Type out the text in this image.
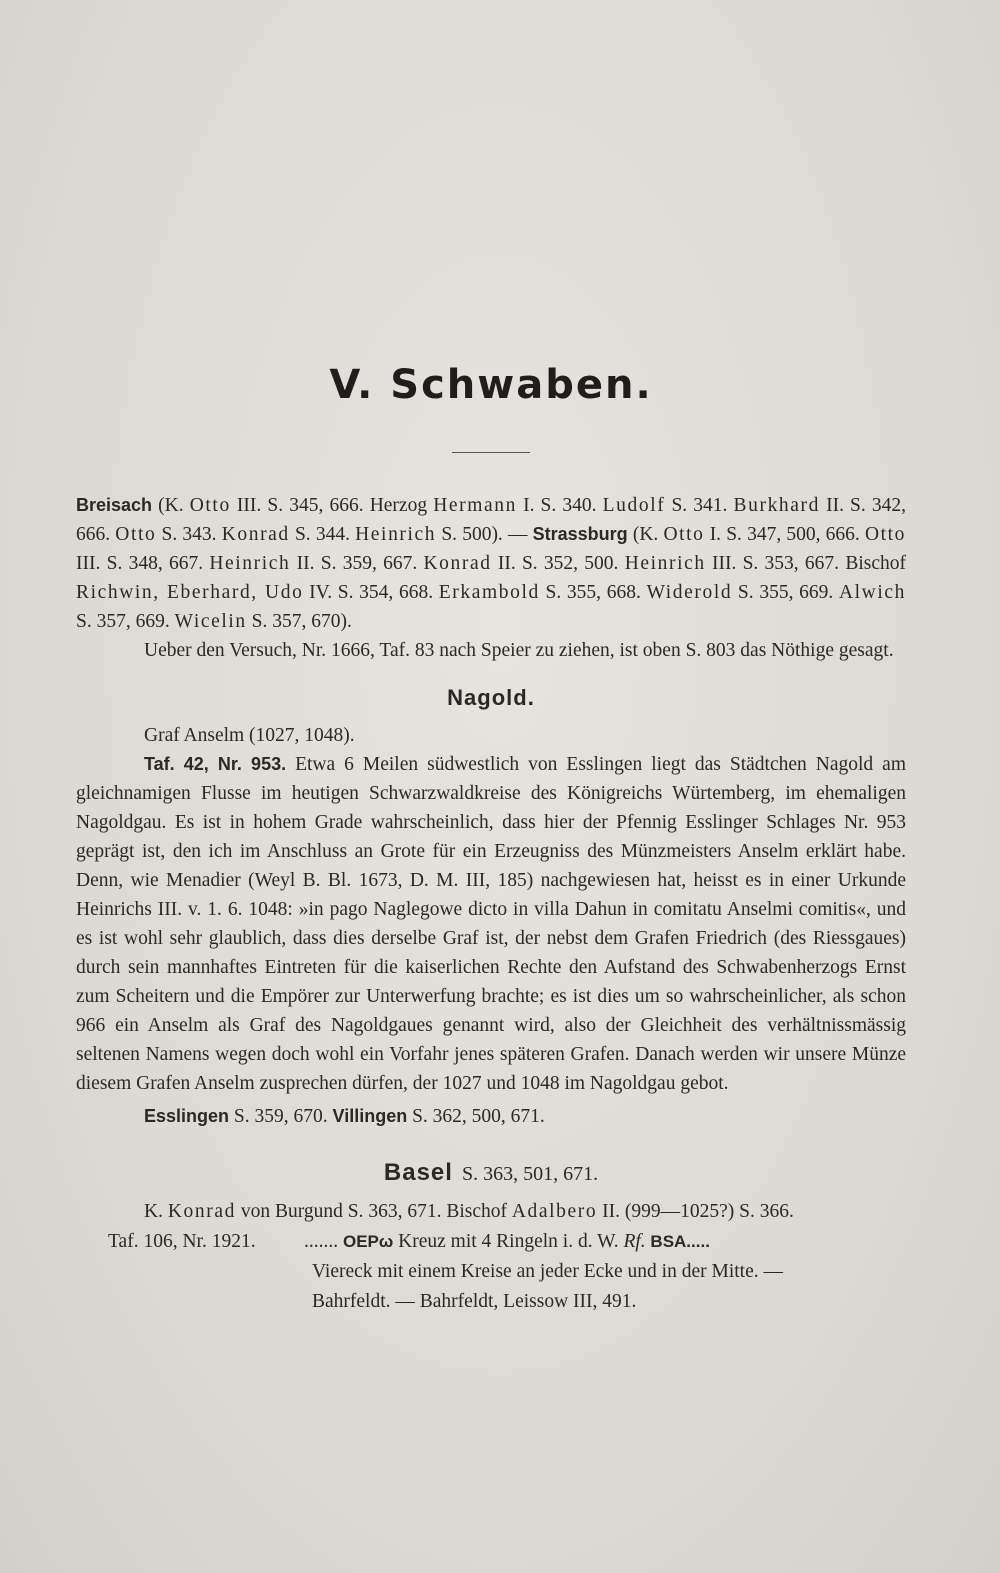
V. Schwaben.

Breisach (K. Otto III. S. 345, 666. Herzog Hermann I. S. 340. Ludolf S. 341. Burkhard II. S. 342, 666. Otto S. 343. Konrad S. 344. Heinrich S. 500). — Strassburg (K. Otto I. S. 347, 500, 666. Otto III. S. 348, 667. Heinrich II. S. 359, 667. Konrad II. S. 352, 500. Heinrich III. S. 353, 667. Bischof Richwin, Eberhard, Udo IV. S. 354, 668. Erkambold S. 355, 668. Widerold S. 355, 669. Alwich S. 357, 669. Wicelin S. 357, 670).

Ueber den Versuch, Nr. 1666, Taf. 83 nach Speier zu ziehen, ist oben S. 803 das Nöthige gesagt.

Nagold.

Graf Anselm (1027, 1048).

Taf. 42, Nr. 953. Etwa 6 Meilen südwestlich von Esslingen liegt das Städtchen Nagold am gleichnamigen Flusse im heutigen Schwarzwaldkreise des Königreichs Würtemberg, im ehemaligen Nagoldgau. Es ist in hohem Grade wahrscheinlich, dass hier der Pfennig Esslinger Schlages Nr. 953 geprägt ist, den ich im Anschluss an Grote für ein Erzeugniss des Münzmeisters Anselm erklärt habe. Denn, wie Menadier (Weyl B. Bl. 1673, D. M. III, 185) nachgewiesen hat, heisst es in einer Urkunde Heinrichs III. v. 1. 6. 1048: »in pago Naglegowe dicto in villa Dahun in comitatu Anselmi comitis«, und es ist wohl sehr glaublich, dass dies derselbe Graf ist, der nebst dem Grafen Friedrich (des Riessgaues) durch sein mannhaftes Eintreten für die kaiserlichen Rechte den Aufstand des Schwabenherzogs Ernst zum Scheitern und die Empörer zur Unterwerfung brachte; es ist dies um so wahrscheinlicher, als schon 966 ein Anselm als Graf des Nagoldgaues genannt wird, also der Gleichheit des verhältnissmässig seltenen Namens wegen doch wohl ein Vorfahr jenes späteren Grafen. Danach werden wir unsere Münze diesem Grafen Anselm zusprechen dürfen, der 1027 und 1048 im Nagoldgau gebot.

Esslingen S. 359, 670. Villingen S. 362, 500, 671.

Basel S. 363, 501, 671.
K. Konrad von Burgund S. 363, 671. Bischof Adalbero II. (999—1025?) S. 366.
Taf. 106, Nr. 1921.	....... OEPω Kreuz mit 4 Ringeln i. d. W. Rf. BSA.....
Viereck mit einem Kreise an jeder Ecke und in der Mitte. —
Bahrfeldt. — Bahrfeldt, Leissow III, 491.
